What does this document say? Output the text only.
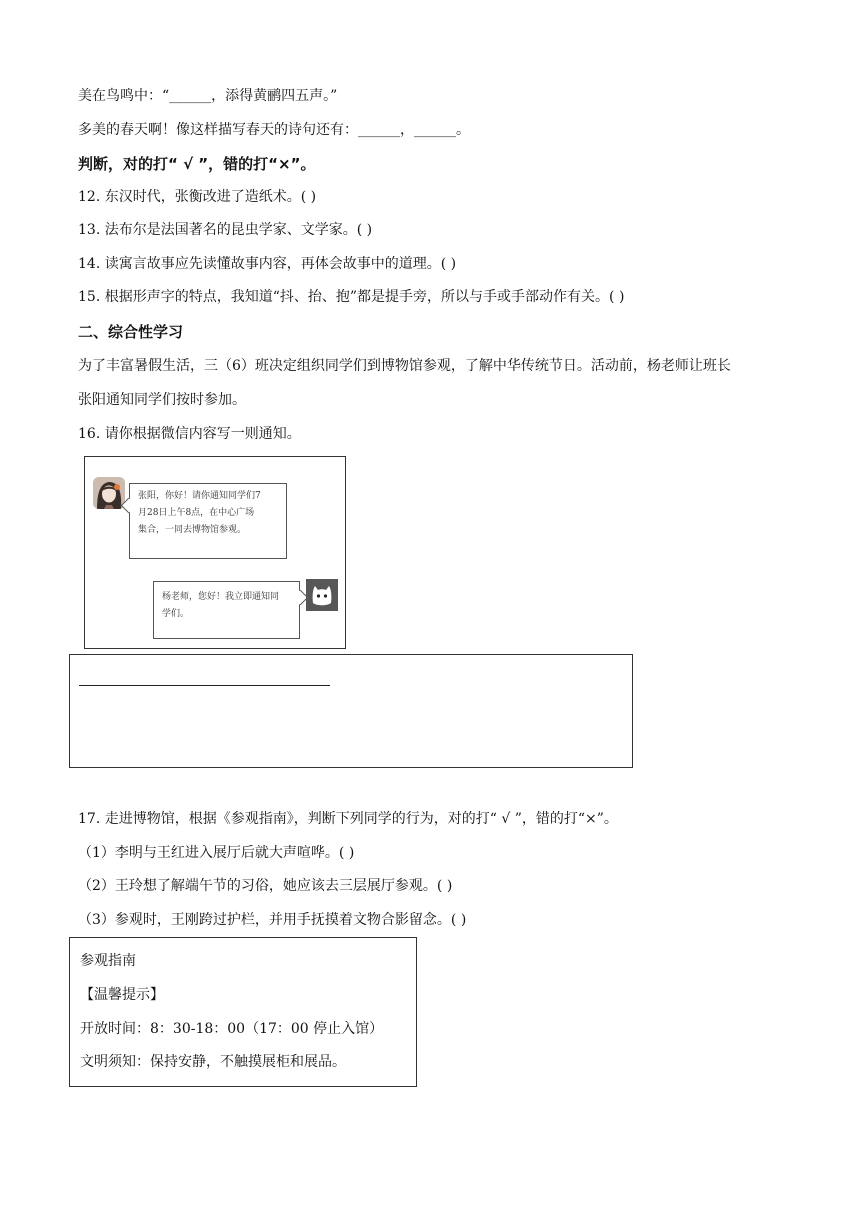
美在鸟鸣中：“______，添得黄鹂四五声。”
多美的春天啊！像这样描写春天的诗句还有：______，______。
判断，对的打“ √ ”，错的打“×”。
12. 东汉时代，张衡改进了造纸术。( )
13. 法布尔是法国著名的昆虫学家、文学家。( )
14. 读寓言故事应先读懂故事内容，再体会故事中的道理。( )
15. 根据形声字的特点，我知道“抖、抬、抱”都是提手旁，所以与手或手部动作有关。( )
二、综合性学习
为了丰富暑假生活，三（6）班决定组织同学们到博物馆参观，了解中华传统节日。活动前，杨老师让班长
张阳通知同学们按时参加。
16. 请你根据微信内容写一则通知。
张阳，你好！请你通知同学们7
月28日上午8点，在中心广场
集合，一同去博物馆参观。
杨老师，您好！我立即通知同
学们。
17. 走进博物馆，根据《参观指南》，判断下列同学的行为，对的打“ √ ”，错的打“×”。
（1）李明与王红进入展厅后就大声喧哗。( )
（2）王玲想了解端午节的习俗，她应该去三层展厅参观。( )
（3）参观时，王刚跨过护栏，并用手抚摸着文物合影留念。( )
参观指南
【温馨提示】
开放时间：8：30-18：00（17：00 停止入馆）
文明须知：保持安静，不触摸展柜和展品。
